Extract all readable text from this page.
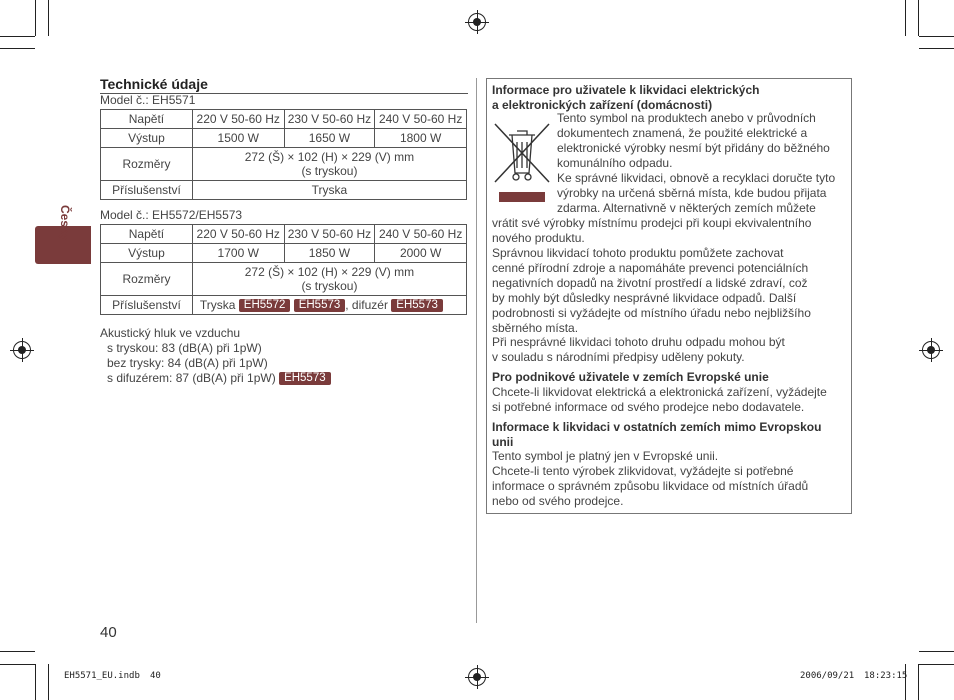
Česky
Technické údaje
Model č.: EH5571
Napětí	220 V 50-60 Hz	230 V 50-60 Hz	240 V 50-60 Hz
Výstup	1500 W	1650 W	1800 W
Rozměry	272 (Š) × 102 (H) × 229 (V) mm
(s tryskou)		

Příslušenství	Tryska		
Model č.: EH5572/EH5573
Napětí	220 V 50-60 Hz	230 V 50-60 Hz	240 V 50-60 Hz
Výstup	1700 W	1850 W	2000 W
Rozměry	272 (Š) × 102 (H) × 229 (V) mm
(s tryskou)		

Příslušenství	Tryska EH5572 EH5573 , difuzér EH5573		
Akustický hluk ve vzduchu
s tryskou: 83 (dB(A) při 1pW)
bez trysky: 84 (dB(A) při 1pW)
s difuzérem: 87 (dB(A) při 1pW) EH5573
40
Informace pro uživatele k likvidaci elektrických
a elektronických zařízení (domácnosti)
Tento symbol na produktech anebo v průvodních
dokumentech znamená, že použité elektrické a
elektronické výrobky nesmí být přidány do běžného
komunálního odpadu.
Ke správné likvidaci, obnově a recyklaci doručte tyto
výrobky na určená sběrná místa, kde budou přijata
zdarma. Alternativně v některých zemích můžete
vrátit své výrobky místnímu prodejci při koupi ekvivalentního
nového produktu.
Správnou likvidací tohoto produktu pomůžete zachovat
cenné přírodní zdroje a napomáháte prevenci potenciálních
negativních dopadů na životní prostředí a lidské zdraví, což
by mohly být důsledky nesprávné likvidace odpadů. Další
podrobnosti si vyžádejte od místního úřadu nebo nejbližšího
sběrného místa.
Při nesprávné likvidaci tohoto druhu odpadu mohou být
v souladu s národními předpisy uděleny pokuty.
Pro podnikové uživatele v zemích Evropské unie
Chcete-li likvidovat elektrická a elektronická zařízení, vyžádejte
si potřebné informace od svého prodejce nebo dodavatele.
Informace k likvidaci v ostatních zemích mimo Evropskou
unii
Tento symbol je platný jen v Evropské unii.
Chcete-li tento výrobek zlikvidovat, vyžádejte si potřebné
informace o správném způsobu likvidace od místních úřadů
nebo od svého prodejce.
EH5571_EU.indb 40	2006/09/21 18:23:15
